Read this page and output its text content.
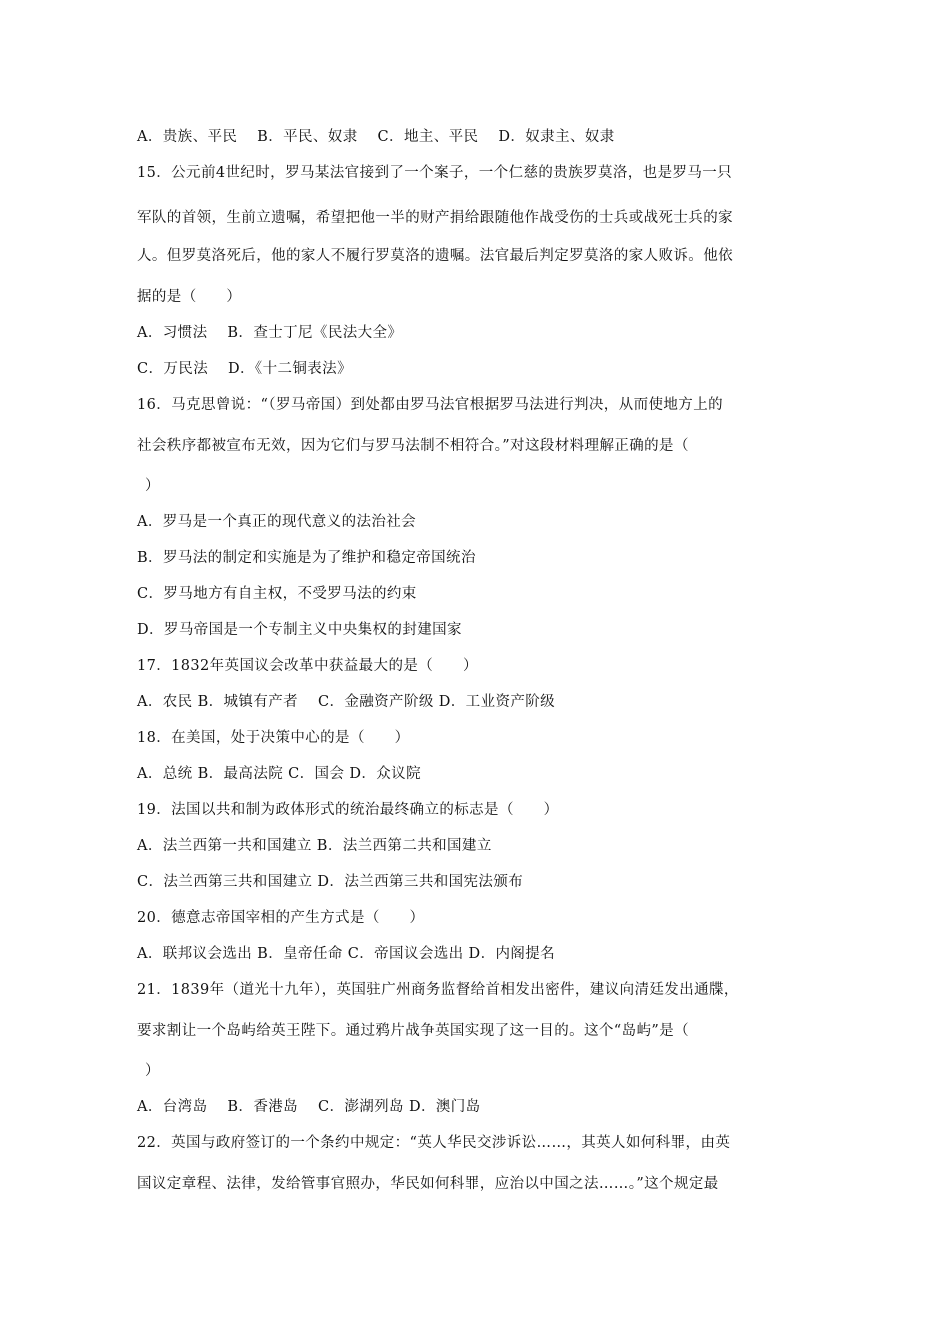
A．贵族、平民　 B．平民、奴隶　 C．地主、平民　 D．奴隶主、奴隶
15．公元前4世纪时，罗马某法官接到了一个案子，一个仁慈的贵族罗莫洛，也是罗马一只
军队的首领，生前立遗嘱，希望把他一半的财产捐给跟随他作战受伤的士兵或战死士兵的家
人。但罗莫洛死后，他的家人不履行罗莫洛的遗嘱。法官最后判定罗莫洛的家人败诉。他依
据的是（　　）
A．习惯法　 B．查士丁尼《民法大全》
C．万民法　 D．《十二铜表法》
16．马克思曾说：“（罗马帝国）到处都由罗马法官根据罗马法进行判决，从而使地方上的
社会秩序都被宣布无效，因为它们与罗马法制不相符合。”对这段材料理解正确的是（
）
A．罗马是一个真正的现代意义的法治社会
B．罗马法的制定和实施是为了维护和稳定帝国统治
C．罗马地方有自主权，不受罗马法的约束
D．罗马帝国是一个专制主义中央集权的封建国家
17．1832年英国议会改革中获益最大的是（　　）
A．农民 B．城镇有产者　 C．金融资产阶级 D．工业资产阶级
18．在美国，处于决策中心的是（　　）
A．总统 B．最高法院 C．国会 D．众议院
19．法国以共和制为政体形式的统治最终确立的标志是（　　）
A．法兰西第一共和国建立 B．法兰西第二共和国建立
C．法兰西第三共和国建立 D．法兰西第三共和国宪法颁布
20．德意志帝国宰相的产生方式是（　　）
A．联邦议会选出 B．皇帝任命 C．帝国议会选出 D．内阁提名
21．1839年（道光十九年），英国驻广州商务监督给首相发出密件，建议向清廷发出通牒，
要求割让一个岛屿给英王陛下。通过鸦片战争英国实现了这一目的。这个“岛屿”是（
）
A．台湾岛　 B．香港岛　 C．澎湖列岛 D．澳门岛
22．英国与政府签订的一个条约中规定：“英人华民交涉诉讼……，其英人如何科罪，由英
国议定章程、法律，发给管事官照办，华民如何科罪，应治以中国之法……。”这个规定最
